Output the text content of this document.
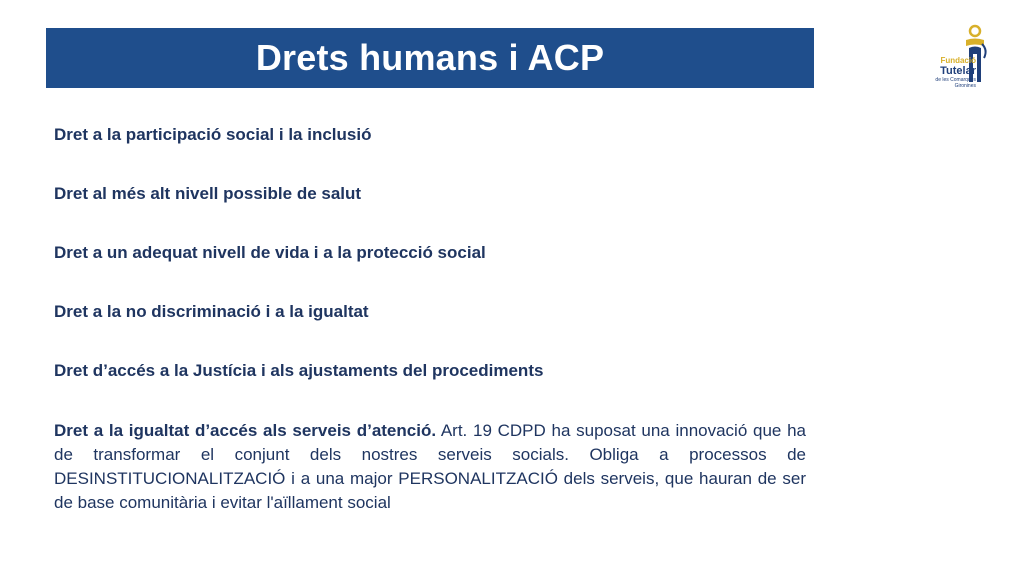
Drets humans i ACP	Fundació
Tutelar
de les Comarques
Gironines
Dret a la participació social i la inclusió
Dret al més alt nivell possible de salut
Dret a un adequat nivell de vida i a la protecció social
Dret a la no discriminació i a la igualtat
Dret d’accés a la Justícia i als ajustaments del procediments
Dret a la igualtat d’accés als serveis d’atenció. Art. 19 CDPD ha suposat una innovació que ha de transformar el conjunt dels nostres serveis socials. Obliga a processos de DESINSTITUCIONALITZACIÓ i a una major PERSONALITZACIÓ dels serveis, que hauran de ser de base comunitària i evitar l'aïllament social
